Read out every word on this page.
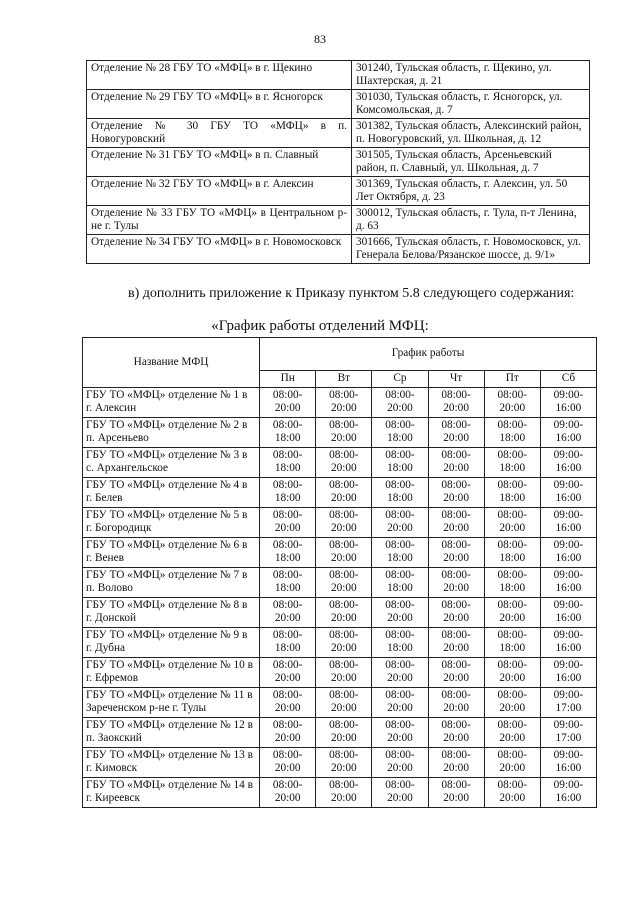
83
Отделение № 28 ГБУ ТО «МФЦ» в г. Щекино	301240, Тульская область, г. Щекино, ул. Шахтерская, д. 21
Отделение № 29 ГБУ ТО «МФЦ» в г. Ясногорск	301030, Тульская область, г. Ясногорск, ул. Комсомольская, д. 7
Отделение № 30 ГБУ ТО «МФЦ» в п. Новогуровский	301382, Тульская область, Алексинский район, п. Новогуровский, ул. Школьная, д. 12
Отделение № 31 ГБУ ТО «МФЦ» в п. Славный	301505, Тульская область, Арсеньевский район, п. Славный, ул. Школьная, д. 7
Отделение № 32 ГБУ ТО «МФЦ» в г. Алексин	301369, Тульская область, г. Алексин, ул. 50 Лет Октября, д. 23
Отделение № 33 ГБУ ТО «МФЦ» в Центральном р-не г. Тулы	300012, Тульская область, г. Тула, п-т Ленина, д. 63
Отделение № 34 ГБУ ТО «МФЦ» в г. Новомосковск	301666, Тульская область, г. Новомосковск, ул. Генерала Белова/Рязанское шоссе, д. 9/1»
в) дополнить приложение к Приказу пунктом 5.8 следующего содержания:
«График работы отделений МФЦ:
Название МФЦ	График работы					
	Пн	Вт	Ср	Чт	Пт	Сб
ГБУ ТО «МФЦ» отделение № 1 в г. Алексин	08:00-20:00	08:00-20:00	08:00-20:00	08:00-20:00	08:00-20:00	09:00-16:00
ГБУ ТО «МФЦ» отделение № 2 в п. Арсеньево	08:00-18:00	08:00-20:00	08:00-18:00	08:00-20:00	08:00-18:00	09:00-16:00
ГБУ ТО «МФЦ» отделение № 3 в с. Архангельское	08:00-18:00	08:00-20:00	08:00-18:00	08:00-20:00	08:00-18:00	09:00-16:00
ГБУ ТО «МФЦ» отделение № 4 в г. Белев	08:00-18:00	08:00-20:00	08:00-18:00	08:00-20:00	08:00-18:00	09:00-16:00
ГБУ ТО «МФЦ» отделение № 5 в г. Богородицк	08:00-20:00	08:00-20:00	08:00-20:00	08:00-20:00	08:00-20:00	09:00-16:00
ГБУ ТО «МФЦ» отделение № 6 в г. Венев	08:00-18:00	08:00-20:00	08:00-18:00	08:00-20:00	08:00-18:00	09:00-16:00
ГБУ ТО «МФЦ» отделение № 7 в п. Волово	08:00-18:00	08:00-20:00	08:00-18:00	08:00-20:00	08:00-18:00	09:00-16:00
ГБУ ТО «МФЦ» отделение № 8 в г. Донской	08:00-20:00	08:00-20:00	08:00-20:00	08:00-20:00	08:00-20:00	09:00-16:00
ГБУ ТО «МФЦ» отделение № 9 в г. Дубна	08:00-18:00	08:00-20:00	08:00-18:00	08:00-20:00	08:00-18:00	09:00-16:00
ГБУ ТО «МФЦ» отделение № 10 в г. Ефремов	08:00-20:00	08:00-20:00	08:00-20:00	08:00-20:00	08:00-20:00	09:00-16:00
ГБУ ТО «МФЦ» отделение № 11 в Зареченском р-не г. Тулы	08:00-20:00	08:00-20:00	08:00-20:00	08:00-20:00	08:00-20:00	09:00-17:00
ГБУ ТО «МФЦ» отделение № 12 в п. Заокский	08:00-20:00	08:00-20:00	08:00-20:00	08:00-20:00	08:00-20:00	09:00-17:00
ГБУ ТО «МФЦ» отделение № 13 в г. Кимовск	08:00-20:00	08:00-20:00	08:00-20:00	08:00-20:00	08:00-20:00	09:00-16:00
ГБУ ТО «МФЦ» отделение № 14 в г. Киреевск	08:00-20:00	08:00-20:00	08:00-20:00	08:00-20:00	08:00-20:00	09:00-16:00
